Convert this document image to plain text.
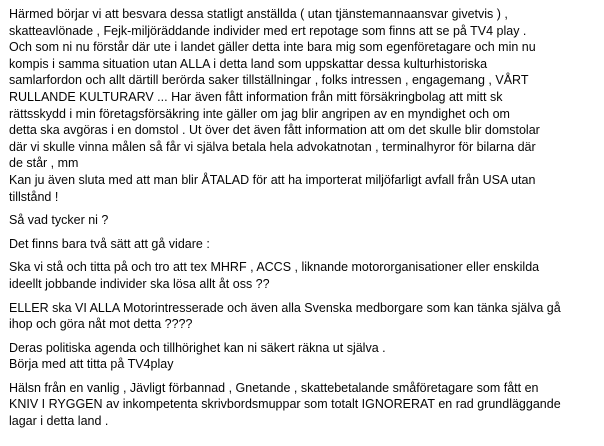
Härmed börjar vi att besvara dessa statligt anställda ( utan tjänstemannaansvar givetvis ) ,
skatteavlönade , Fejk-miljöräddande individer med ert repotage som finns att se på TV4 play .
Och som ni nu förstår där ute i landet gäller detta inte bara mig som egenföretagare och min nu
kompis i samma situation utan ALLA i detta land som uppskattar dessa kulturhistoriska
samlarfordon och allt därtill berörda saker tillställningar , folks intressen , engagemang , VÅRT
RULLANDE KULTURARV ... Har även fått information från mitt försäkringbolag att mitt sk
rättsskydd i min företagsförsäkring inte gäller om jag blir angripen av en myndighet och om
detta ska avgöras i en domstol . Ut över det även fått information att om det skulle blir domstolar
där vi skulle vinna målen så får vi själva betala hela advokatnotan , terminalhyror för bilarna där
de står , mm
Kan ju även sluta med att man blir ÅTALAD för att ha importerat miljöfarligt avfall från USA utan
tillstånd !

Så vad tycker ni ?

Det finns bara två sätt att gå vidare :

Ska vi stå och titta på och tro att tex MHRF , ACCS , liknande motororganisationer eller enskilda
ideellt jobbande individer ska lösa allt åt oss ??

ELLER ska VI ALLA Motorintresserade och även alla Svenska medborgare som kan tänka själva gå
ihop och göra nåt mot detta ????

Deras politiska agenda och tillhörighet kan ni säkert räkna ut själva .
Börja med att titta på TV4play

Hälsn från en vanlig , Jävligt förbannad , Gnetande , skattebetalande småföretagare som fått en
KNIV I RYGGEN av inkompetenta skrivbordsmuppar som totalt IGNORERAT en rad grundläggande
lagar i detta land .
